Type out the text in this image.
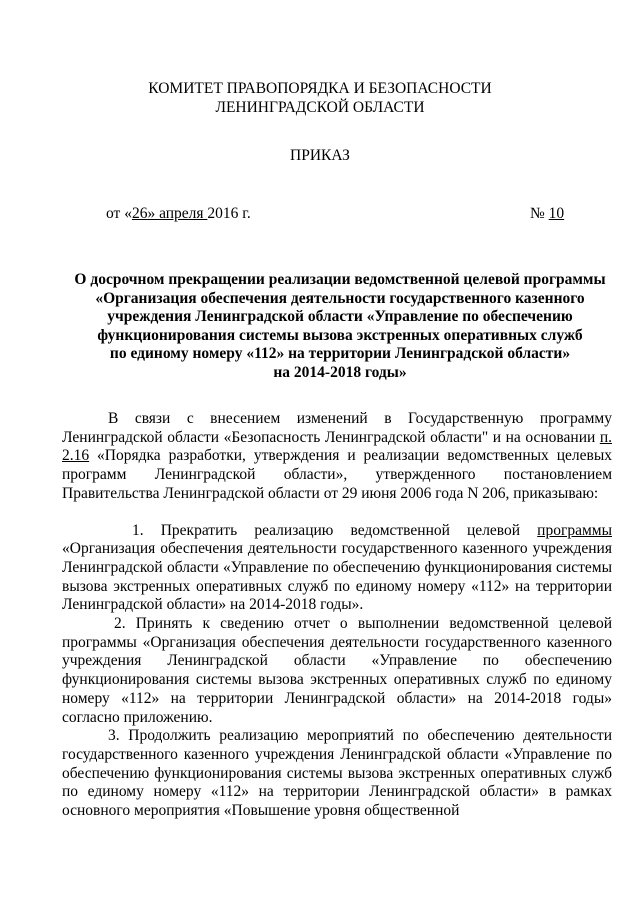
КОМИТЕТ ПРАВОПОРЯДКА И БЕЗОПАСНОСТИ
ЛЕНИНГРАДСКОЙ ОБЛАСТИ
ПРИКАЗ
от «26» апреля 2016 г.	№ 10
О досрочном прекращении реализации ведомственной целевой программы
«Организация обеспечения деятельности государственного казенного
учреждения Ленинградской области «Управление по обеспечению
функционирования системы вызова экстренных оперативных служб
по единому номеру «112» на территории Ленинградской области»
на 2014-2018 годы»

В связи с внесением изменений в Государственную программу Ленинградской области «Безопасность Ленинградской области" и на основании п. 2.16 «Порядка разработки, утверждения и реализации ведомственных целевых программ Ленинградской области», утвержденного постановлением Правительства Ленинградской области от 29 июня 2006 года N 206, приказываю:

1. Прекратить реализацию ведомственной целевой программы «Организация обеспечения деятельности государственного казенного учреждения Ленинградской области «Управление по обеспечению функционирования системы вызова экстренных оперативных служб по единому номеру «112» на территории Ленинградской области» на 2014-2018 годы».

2. Принять к сведению отчет о выполнении ведомственной целевой программы «Организация обеспечения деятельности государственного казенного учреждения Ленинградской области «Управление по обеспечению функционирования системы вызова экстренных оперативных служб по единому номеру «112» на территории Ленинградской области» на 2014-2018 годы» согласно приложению.

3. Продолжить реализацию мероприятий по обеспечению деятельности государственного казенного учреждения Ленинградской области «Управление по обеспечению функционирования системы вызова экстренных оперативных служб по единому номеру «112» на территории Ленинградской области» в рамках основного мероприятия «Повышение уровня общественной
